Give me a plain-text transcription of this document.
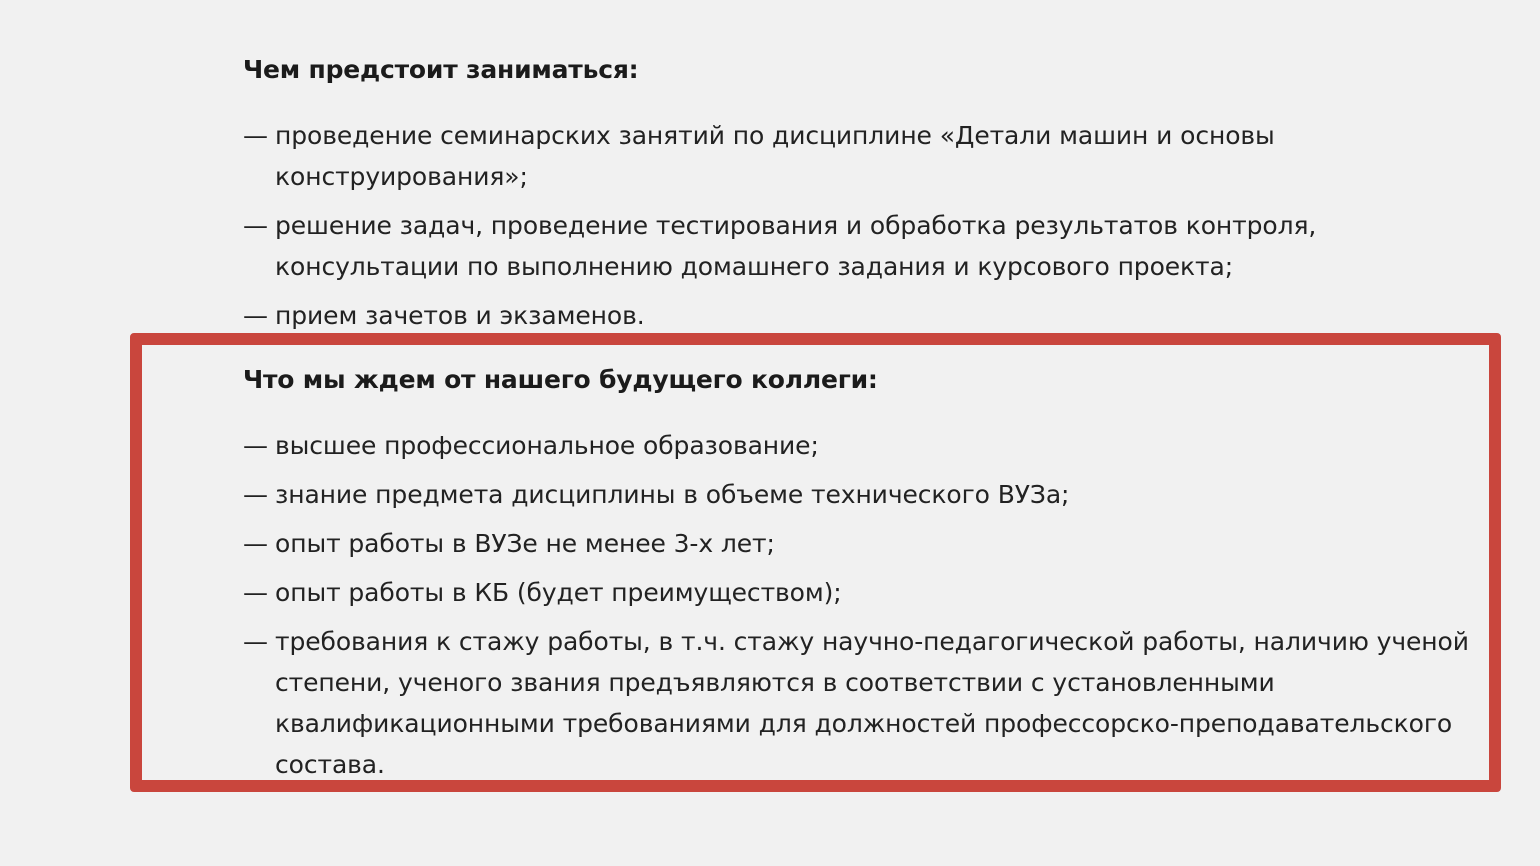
Чем предстоит заниматься:
— проведение семинарских занятий по дисциплине «Детали машин и основы конструирования»;
— решение задач, проведение тестирования и обработка результатов контроля, консультации по выполнению домашнего задания и курсового проекта;
— прием зачетов и экзаменов.
Что мы ждем от нашего будущего коллеги:
— высшее профессиональное образование;
— знание предмета дисциплины в объеме технического ВУЗа;
— опыт работы в ВУЗе не менее 3-х лет;
— опыт работы в КБ (будет преимуществом);
— требования к стажу работы, в т.ч. стажу научно-педагогической работы, наличию ученой степени, ученого звания предъявляются в соответствии с установленными квалификационными требованиями для должностей профессорско-преподавательского состава.
